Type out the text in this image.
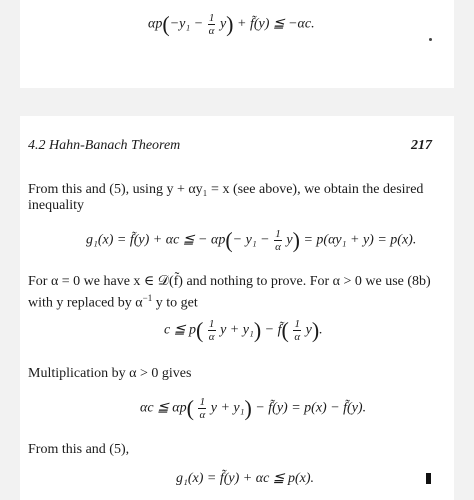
$\alpha p(-y_1 - \frac{1}{\alpha} y)$ + f̃(y) ≦ −αc.
4.2 Hahn-Banach Theorem	217
From this and (5), using y + αy₁ = x (see above), we obtain the desired
inequality
g₁(x) = f̃(y) + αc ≦ − $\alpha p(- y_1 - \frac{1}{\alpha} y) = p(\alpha y_1 + y) = p(x)$.
For α = 0 we have x ∈ 𝒟(f̃) and nothing to prove. For α > 0 we use (8b)
with y replaced by $\alpha^{-1}$ y to get
c ≦ $p( \frac{1}{\alpha}$ y + y₁) − f̃( $\frac{1}{\alpha} y$).
Multiplication by α > 0 gives
αc ≦ $\alpha p( \frac{1}{\alpha}$ y + y₁) − f̃(y) = p(x) − f̃(y).
From this and (5),
g₁(x) = f̃(y) + αc ≦ p(x).
